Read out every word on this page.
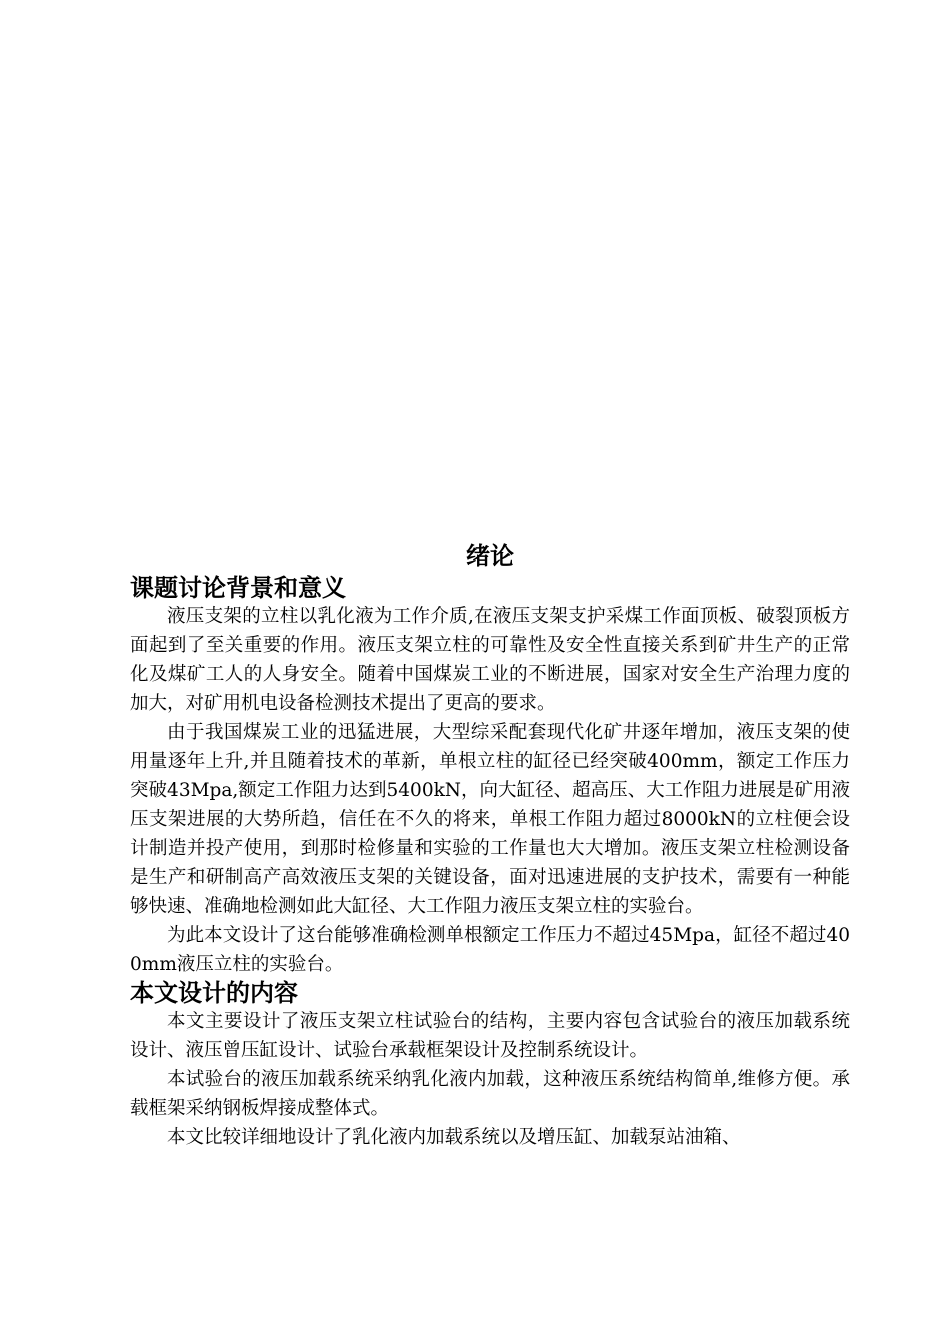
绪论
课题讨论背景和意义

液压支架的立柱以乳化液为工作介质,在液压支架支护采煤工作面顶板、破裂顶板方面起到了至关重要的作用。液压支架立柱的可靠性及安全性直接关系到矿井生产的正常化及煤矿工人的人身安全。随着中国煤炭工业的不断进展，国家对安全生产治理力度的加大，对矿用机电设备检测技术提出了更高的要求。

由于我国煤炭工业的迅猛进展，大型综采配套现代化矿井逐年增加，液压支架的使用量逐年上升,并且随着技术的革新，单根立柱的缸径已经突破400mm，额定工作压力突破43Mpa,额定工作阻力达到5400kN，向大缸径、超高压、大工作阻力进展是矿用液压支架进展的大势所趋，信任在不久的将来，单根工作阻力超过8000kN的立柱便会设计制造并投产使用，到那时检修量和实验的工作量也大大增加。液压支架立柱检测设备是生产和研制高产高效液压支架的关键设备，面对迅速进展的支护技术，需要有一种能够快速、准确地检测如此大缸径、大工作阻力液压支架立柱的实验台。

为此本文设计了这台能够准确检测单根额定工作压力不超过45Mpa，缸径不超过400mm液压立柱的实验台。

本文设计的内容

本文主要设计了液压支架立柱试验台的结构，主要内容包含试验台的液压加载系统设计、液压曾压缸设计、试验台承载框架设计及控制系统设计。

本试验台的液压加载系统采纳乳化液内加载，这种液压系统结构简单,维修方便。承载框架采纳钢板焊接成整体式。

本文比较详细地设计了乳化液内加载系统以及增压缸、加载泵站油箱、
